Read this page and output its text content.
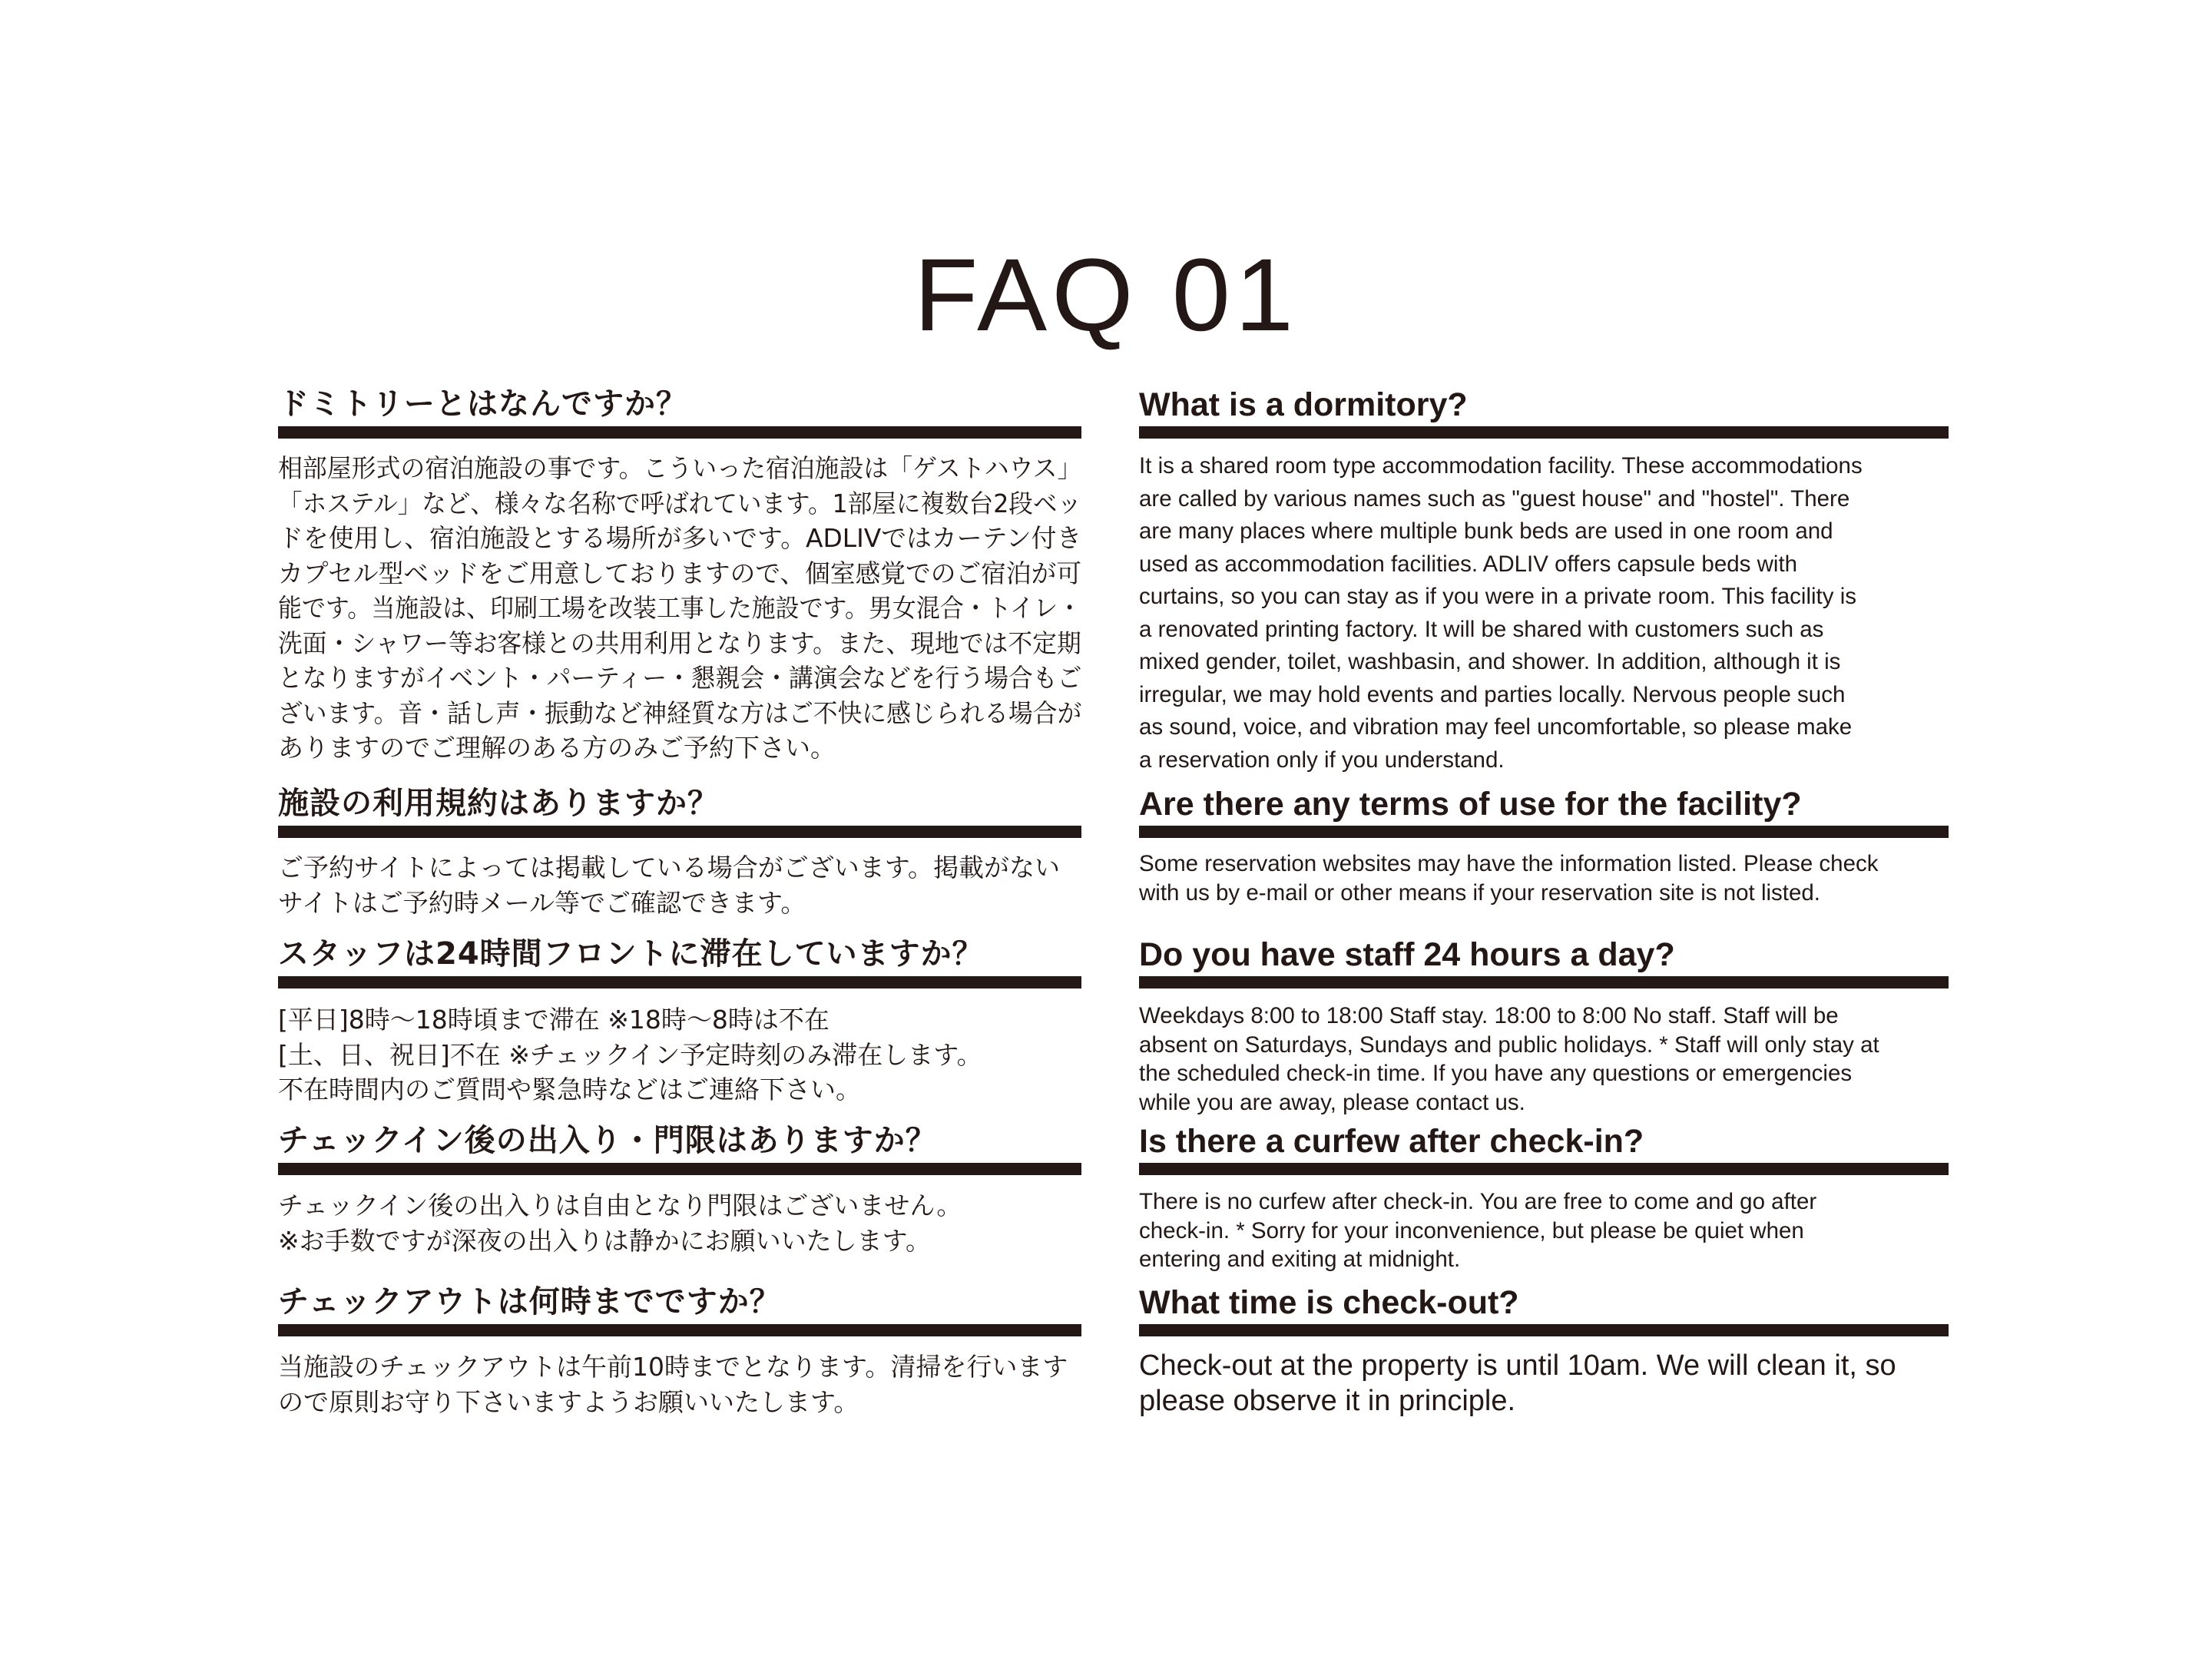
FAQ 01
ドミトリーとはなんですか？

相部屋形式の宿泊施設の事です。こういった宿泊施設は「ゲストハウス」
「ホステル」など、様々な名称で呼ばれています。1部屋に複数台2段ベッ
ドを使用し、宿泊施設とする場所が多いです。ADLIVではカーテン付き
カプセル型ベッドをご用意しておりますので、個室感覚でのご宿泊が可
能です。当施設は、印刷工場を改装工事した施設です。男女混合・トイレ・
洗面・シャワー等お客様との共用利用となります。また、現地では不定期
となりますがイベント・パーティー・懇親会・講演会などを行う場合もご
ざいます。音・話し声・振動など神経質な方はご不快に感じられる場合が
ありますのでご理解のある方のみご予約下さい。

施設の利用規約はありますか？

ご予約サイトによっては掲載している場合がございます。掲載がない
サイトはご予約時メール等でご確認できます。

スタッフは24時間フロントに滞在していますか？

[平日]8時〜18時頃まで滞在 ※18時〜8時は不在
[土、日、祝日]不在 ※チェックイン予定時刻のみ滞在します。
不在時間内のご質問や緊急時などはご連絡下さい。

チェックイン後の出入り・門限はありますか？

チェックイン後の出入りは自由となり門限はございません。
※お手数ですが深夜の出入りは静かにお願いいたします。

チェックアウトは何時までですか？

当施設のチェックアウトは午前10時までとなります。清掃を行います
ので原則お守り下さいますようお願いいたします。

What is a dormitory?

It is a shared room type accommodation facility. These accommodations
are called by various names such as "guest house" and "hostel". There
are many places where multiple bunk beds are used in one room and
used as accommodation facilities. ADLIV offers capsule beds with
curtains, so you can stay as if you were in a private room. This facility is
a renovated printing factory. It will be shared with customers such as
mixed gender, toilet, washbasin, and shower. In addition, although it is
irregular, we may hold events and parties locally. Nervous people such
as sound, voice, and vibration may feel uncomfortable, so please make
a reservation only if you understand.

Are there any terms of use for the facility?

Some reservation websites may have the information listed. Please check
with us by e-mail or other means if your reservation site is not listed.

Do you have staff 24 hours a day?

Weekdays 8:00 to 18:00 Staff stay. 18:00 to 8:00 No staff. Staff will be
absent on Saturdays, Sundays and public holidays. * Staff will only stay at
the scheduled check-in time. If you have any questions or emergencies
while you are away, please contact us.

Is there a curfew after check-in?

There is no curfew after check-in. You are free to come and go after
check-in. * Sorry for your inconvenience, but please be quiet when
entering and exiting at midnight.

What time is check-out?

Check-out at the property is until 10am. We will clean it, so
please observe it in principle.
